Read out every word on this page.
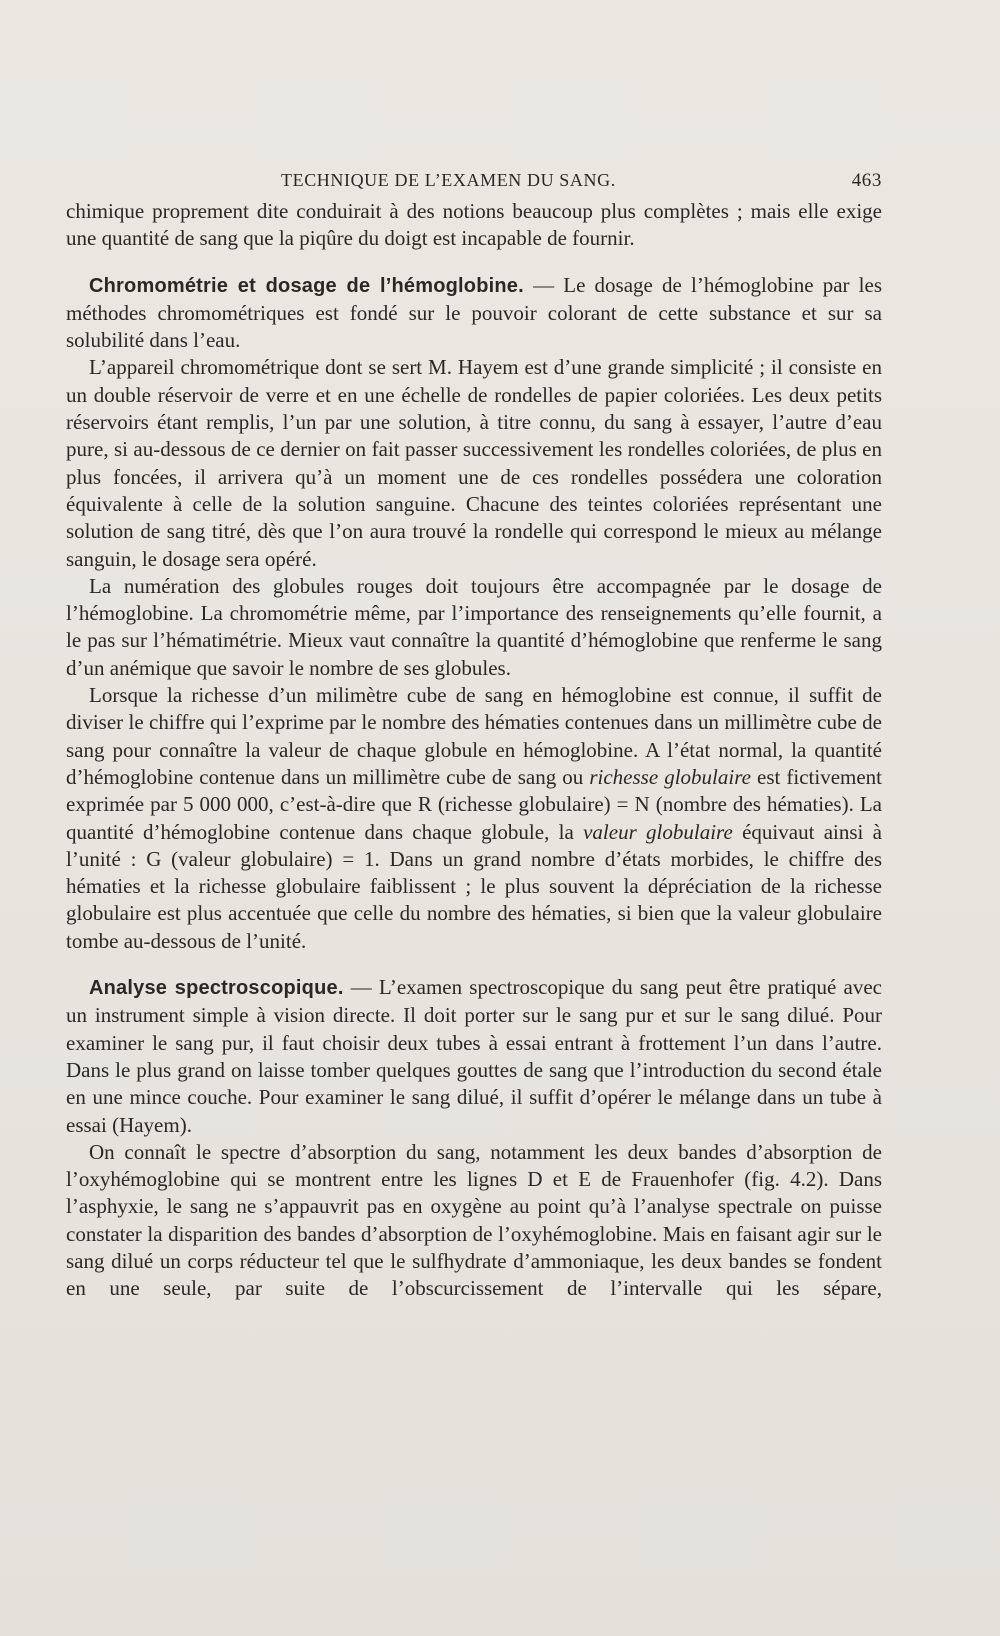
TECHNIQUE DE L’EXAMEN DU SANG.	463

chimique proprement dite conduirait à des notions beaucoup plus complètes ; mais elle exige une quantité de sang que la piqûre du doigt est incapable de fournir.

Chromométrie et dosage de l’hémoglobine. — Le dosage de l’hémoglobine par les méthodes chromométriques est fondé sur le pouvoir colorant de cette substance et sur sa solubilité dans l’eau.

L’appareil chromométrique dont se sert M. Hayem est d’une grande simplicité ; il consiste en un double réservoir de verre et en une échelle de rondelles de papier coloriées. Les deux petits réservoirs étant remplis, l’un par une solution, à titre connu, du sang à essayer, l’autre d’eau pure, si au-dessous de ce dernier on fait passer successivement les rondelles coloriées, de plus en plus foncées, il arrivera qu’à un moment une de ces rondelles possédera une coloration équivalente à celle de la solution sanguine. Chacune des teintes coloriées représentant une solution de sang titré, dès que l’on aura trouvé la rondelle qui correspond le mieux au mélange sanguin, le dosage sera opéré.

La numération des globules rouges doit toujours être accompagnée par le dosage de l’hémoglobine. La chromométrie même, par l’importance des renseignements qu’elle fournit, a le pas sur l’hématimétrie. Mieux vaut connaître la quantité d’hémoglobine que renferme le sang d’un anémique que savoir le nombre de ses globules.

Lorsque la richesse d’un milimètre cube de sang en hémoglobine est connue, il suffit de diviser le chiffre qui l’exprime par le nombre des hématies contenues dans un millimètre cube de sang pour connaître la valeur de chaque globule en hémoglobine. A l’état normal, la quantité d’hémoglobine contenue dans un millimètre cube de sang ou richesse globulaire est fictivement exprimée par 5 000 000, c’est-à-dire que R (richesse globulaire) = N (nombre des hématies). La quantité d’hémoglobine contenue dans chaque globule, la valeur globulaire équivaut ainsi à l’unité : G (valeur globulaire) = 1. Dans un grand nombre d’états morbides, le chiffre des hématies et la richesse globulaire faiblissent ; le plus souvent la dépréciation de la richesse globulaire est plus accentuée que celle du nombre des hématies, si bien que la valeur globulaire tombe au-dessous de l’unité.

Analyse spectroscopique. — L’examen spectroscopique du sang peut être pratiqué avec un instrument simple à vision directe. Il doit porter sur le sang pur et sur le sang dilué. Pour examiner le sang pur, il faut choisir deux tubes à essai entrant à frottement l’un dans l’autre. Dans le plus grand on laisse tomber quelques gouttes de sang que l’introduction du second étale en une mince couche. Pour examiner le sang dilué, il suffit d’opérer le mélange dans un tube à essai (Hayem).

On connaît le spectre d’absorption du sang, notamment les deux bandes d’absorption de l’oxyhémoglobine qui se montrent entre les lignes D et E de Frauenhofer (fig. 4.2). Dans l’asphyxie, le sang ne s’appauvrit pas en oxygène au point qu’à l’analyse spectrale on puisse constater la disparition des bandes d’absorption de l’oxyhémoglobine. Mais en faisant agir sur le sang dilué un corps réducteur tel que le sulfhydrate d’ammoniaque, les deux bandes se fondent en une seule, par suite de l’obscurcissement de l’intervalle qui les sépare,
